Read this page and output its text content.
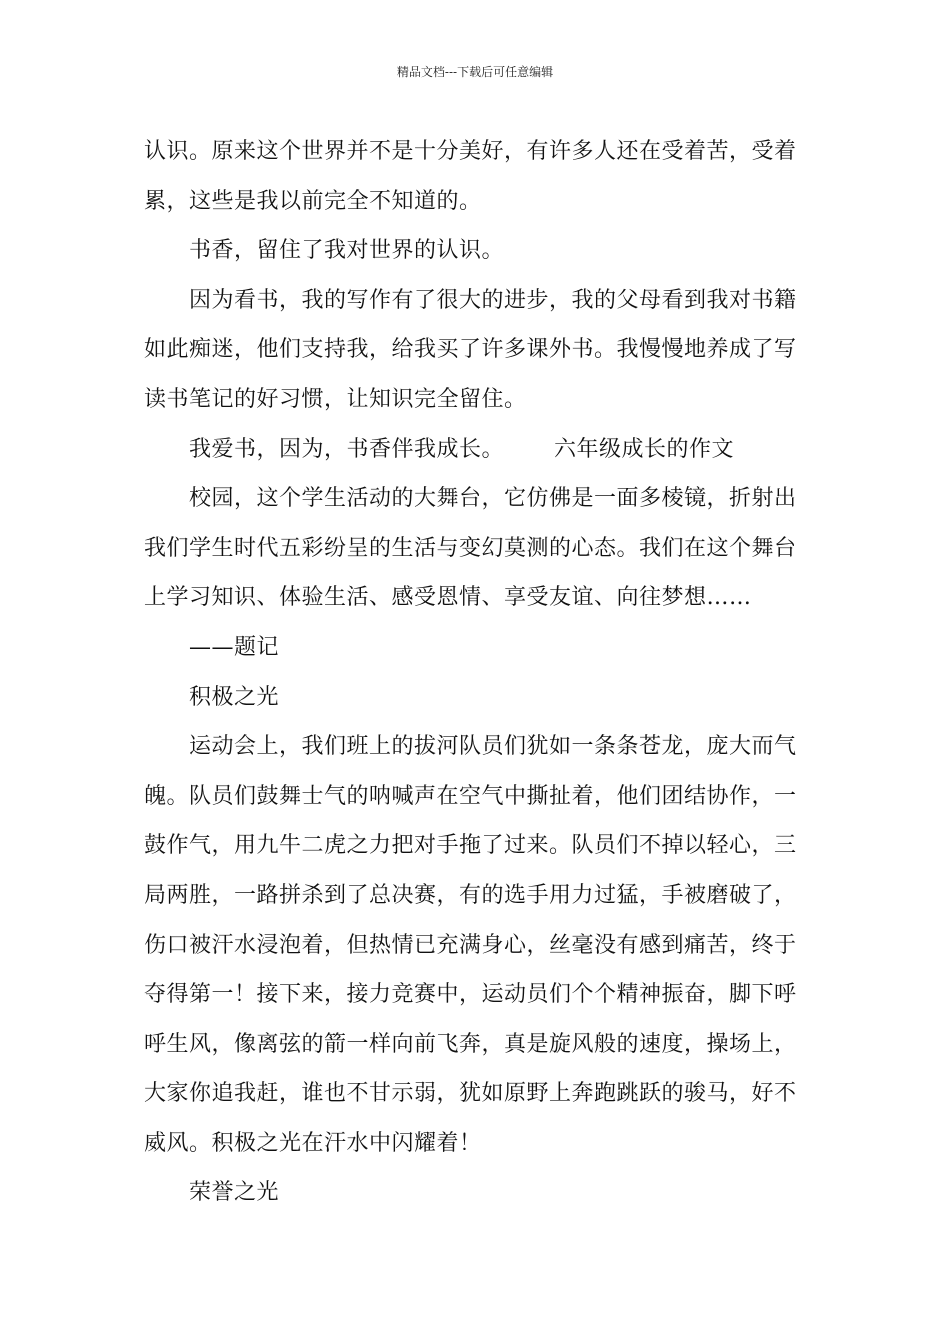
精品文档---下载后可任意编辑

认识。原来这个世界并不是十分美好，有许多人还在受着苦，受着

累，这些是我以前完全不知道的。

书香，留住了我对世界的认识。

因为看书，我的写作有了很大的进步，我的父母看到我对书籍

如此痴迷，他们支持我，给我买了许多课外书。我慢慢地养成了写

读书笔记的好习惯，让知识完全留住。

我爱书，因为，书香伴我成长。 六年级成长的作文

校园，这个学生活动的大舞台，它仿佛是一面多棱镜，折射出

我们学生时代五彩纷呈的生活与变幻莫测的心态。我们在这个舞台

上学习知识、体验生活、感受恩情、享受友谊、向往梦想……

——题记

积极之光

运动会上，我们班上的拔河队员们犹如一条条苍龙，庞大而气

魄。队员们鼓舞士气的呐喊声在空气中撕扯着，他们团结协作，一

鼓作气，用九牛二虎之力把对手拖了过来。队员们不掉以轻心，三

局两胜，一路拼杀到了总决赛，有的选手用力过猛，手被磨破了，

伤口被汗水浸泡着，但热情已充满身心，丝毫没有感到痛苦，终于

夺得第一！接下来，接力竞赛中，运动员们个个精神振奋，脚下呼

呼生风，像离弦的箭一样向前飞奔，真是旋风般的速度，操场上，

大家你追我赶，谁也不甘示弱，犹如原野上奔跑跳跃的骏马，好不

威风。积极之光在汗水中闪耀着！

荣誉之光
